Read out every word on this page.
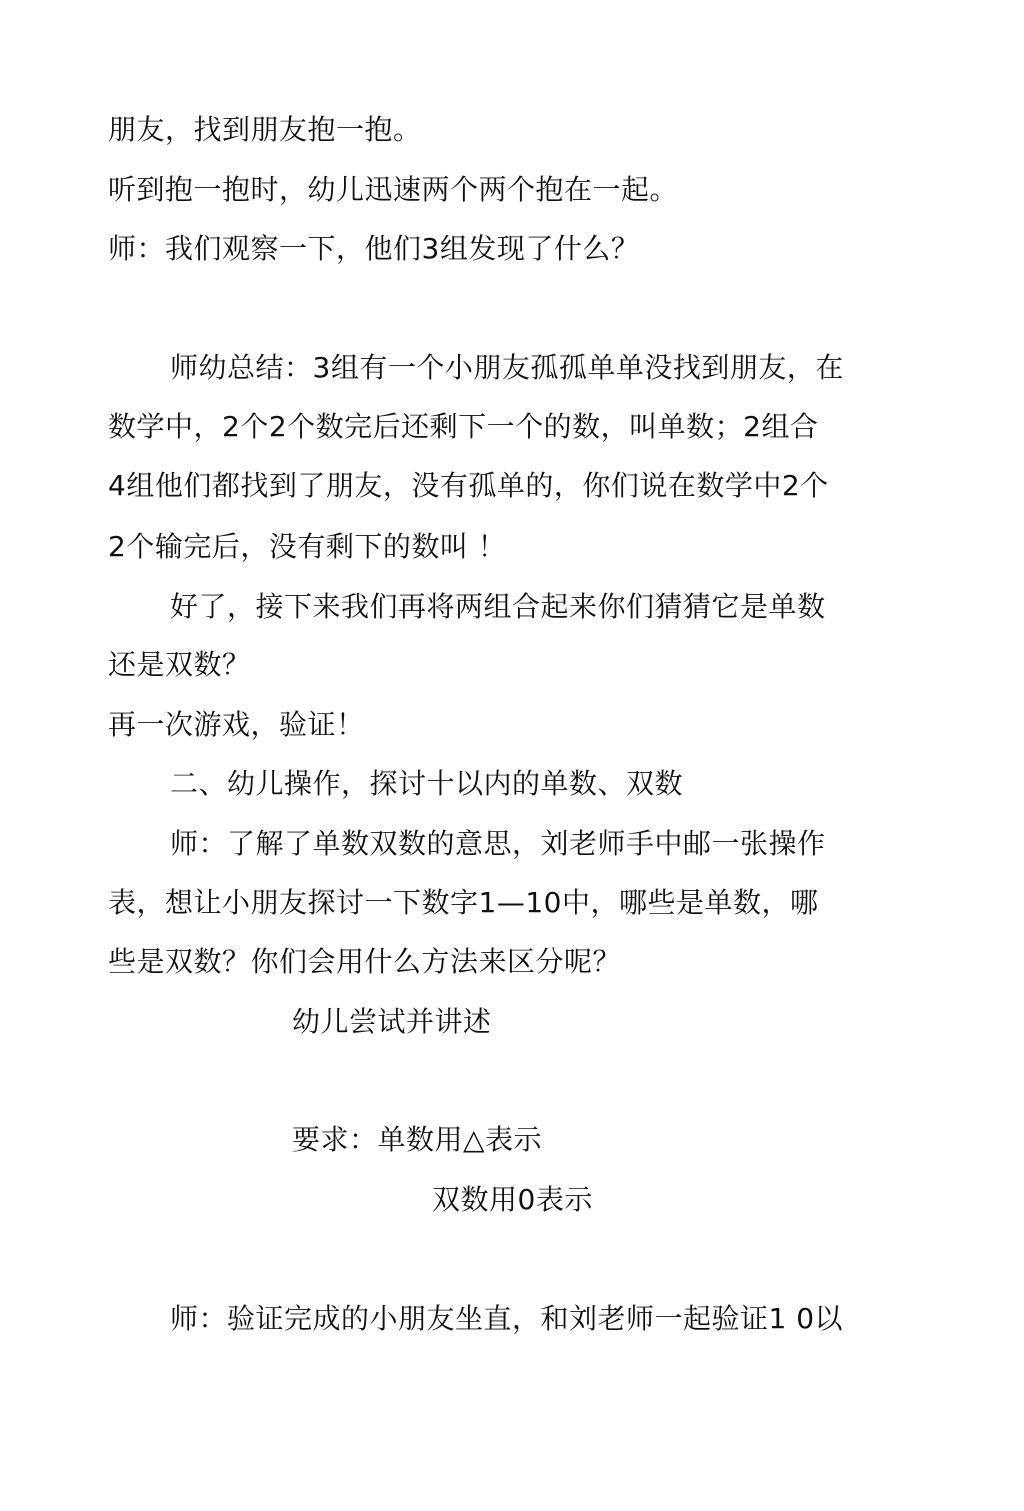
朋友，找到朋友抱一抱。
听到抱一抱时，幼儿迅速两个两个抱在一起。
师：我们观察一下，他们3组发现了什么？
师幼总结：3组有一个小朋友孤孤单单没找到朋友，在
数学中，2个2个数完后还剩下一个的数，叫单数；2组合
4组他们都找到了朋友，没有孤单的，你们说在数学中2个
2个输完后，没有剩下的数叫 ！
好了，接下来我们再将两组合起来你们猜猜它是单数
还是双数？
再一次游戏，验证！
二、幼儿操作，探讨十以内的单数、双数
师：了解了单数双数的意思，刘老师手中邮一张操作
表，想让小朋友探讨一下数字1—10中，哪些是单数，哪
些是双数？你们会用什么方法来区分呢？
幼儿尝试并讲述
要求：单数用△表示
双数用0表示
师：验证完成的小朋友坐直，和刘老师一起验证1 0以
